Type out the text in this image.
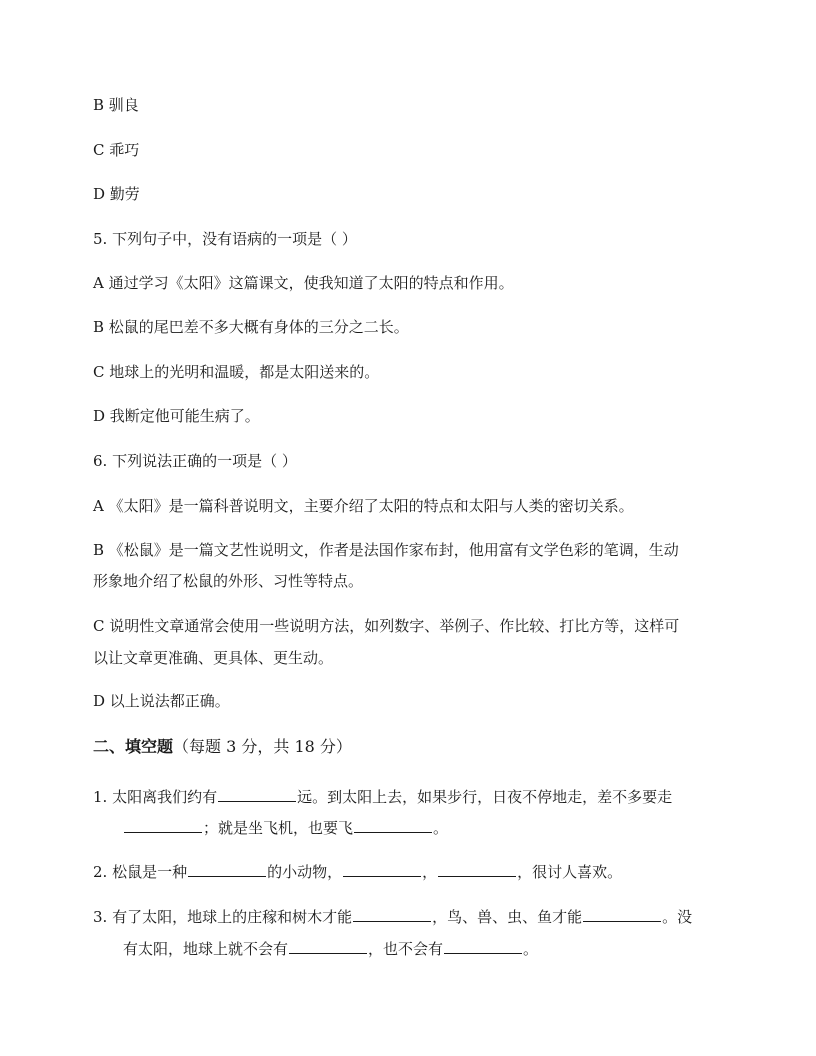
B 驯良
C 乖巧
D 勤劳
5. 下列句子中，没有语病的一项是（ ）
A 通过学习《太阳》这篇课文，使我知道了太阳的特点和作用。
B 松鼠的尾巴差不多大概有身体的三分之二长。
C 地球上的光明和温暖，都是太阳送来的。
D 我断定他可能生病了。
6. 下列说法正确的一项是（ ）
A 《太阳》是一篇科普说明文，主要介绍了太阳的特点和太阳与人类的密切关系。
B 《松鼠》是一篇文艺性说明文，作者是法国作家布封，他用富有文学色彩的笔调，生动
形象地介绍了松鼠的外形、习性等特点。
C 说明性文章通常会使用一些说明方法，如列数字、举例子、作比较、打比方等，这样可
以让文章更准确、更具体、更生动。
D 以上说法都正确。
二、填空题（每题 3 分，共 18 分）
1. 太阳离我们约有	远。到太阳上去，如果步行，日夜不停地走，差不多要走
；就是坐飞机，也要飞	。
2. 松鼠是一种	的小动物，	，	，很讨人喜欢。
3. 有了太阳，地球上的庄稼和树木才能	，鸟、兽、虫、鱼才能	。没
有太阳，地球上就不会有	，也不会有	。
